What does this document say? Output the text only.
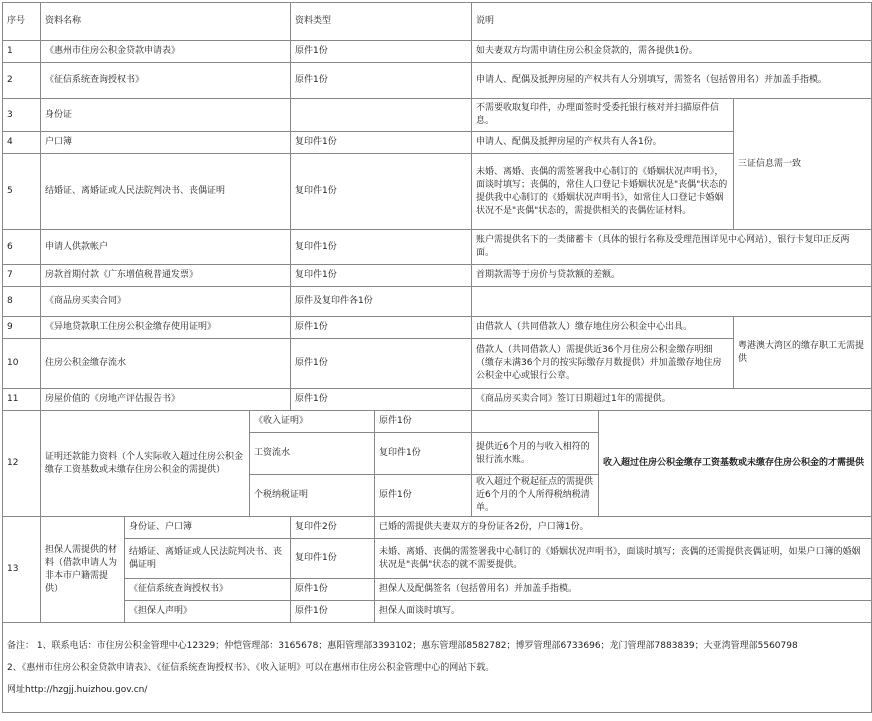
序号	资料名称			资料类型		说明		
1	《惠州市住房公积金贷款申请表》			原件1份		如夫妻双方均需申请住房公积金贷款的，需各提供1份。		
2	《征信系统查询授权书》			原件1份		申请人、配偶及抵押房屋的产权共有人分别填写，需签名（包括曾用名）并加盖手指模。		
3	身份证					不需要收取复印件，办理面签时受委托银行核对并扫描原件信息。		三证信息需一致
4	户口簿			复印件1份		申请人、配偶及抵押房屋的产权共有人各1份。		
5	结婚证、离婚证或人民法院判决书、丧偶证明			复印件1份		未婚、离婚、丧偶的需签署我中心制订的《婚姻状况声明书》，面谈时填写；丧偶的，常住人口登记卡婚姻状况是"丧偶"状态的提供我中心制订的《婚姻状况声明书》，如常住人口登记卡婚姻状况不是"丧偶"状态的，需提供相关的丧偶佐证材料。		
6	申请人供款帐户			复印件1份		账户需提供名下的一类储蓄卡（具体的银行名称及受理范围详见中心网站），银行卡复印正反两面。		
7	房款首期付款《广东增值税普通发票》			复印件1份		首期款需等于房价与贷款额的差额。		
8	《商品房买卖合同》			原件及复印件各1份				
9	《异地贷款职工住房公积金缴存使用证明》			原件1份		由借款人（共同借款人）缴存地住房公积金中心出具。		粤港澳大湾区的缴存职工无需提供
10	住房公积金缴存流水			原件1份		借款人（共同借款人）需提供近36个月住房公积金缴存明细（缴存未满36个月的按实际缴存月数提供）并加盖缴存地住房公积金中心或银行公章。		
11	房屋价值的《房地产评估报告书》			原件1份		《商品房买卖合同》签订日期超过1年的需提供。		
12	证明还款能力资料（个人实际收入超过住房公积金缴存工资基数或未缴存住房公积金的需提供）		《收入证明》		原件1份		收入超过住房公积金缴存工资基数或未缴存住房公积金的才需提供	
			工资流水		复印件1份	提供近6个月的与收入相符的银行流水账。		
			个税纳税证明		原件1份	收入超过个税起征点的需提供近6个月的个人所得税纳税清单。		
13	担保人需提供的材料（借款申请人为非本市户籍需提供）	身份证、户口簿		复印件2份	已婚的需提供夫妻双方的身份证各2份，户口簿1份。			
		结婚证、离婚证或人民法院判决书、丧偶证明		复印件1份	未婚、离婚、丧偶的需签署我中心制订的《婚姻状况声明书》，面谈时填写；丧偶的还需提供丧偶证明，如果户口簿的婚姻状况是"丧偶"状态的就不需要提供。			
		《征信系统查询授权书》		原件1份	担保人及配偶签名（包括曾用名）并加盖手指模。			
		《担保人声明》		原件1份	担保人面谈时填写。			

备注： 1、联系电话：市住房公积金管理中心12329；仲恺管理部：3165678；惠阳管理部3393102；惠东管理部8582782；博罗管理部6733696；龙门管理部7883839；大亚湾管理部5560798

2、《惠州市住房公积金贷款申请表》、《征信系统查询授权书》、《收入证明》可以在惠州市住房公积金管理中心的网站下载。

网址http://hzgjj.huizhou.gov.cn/								
